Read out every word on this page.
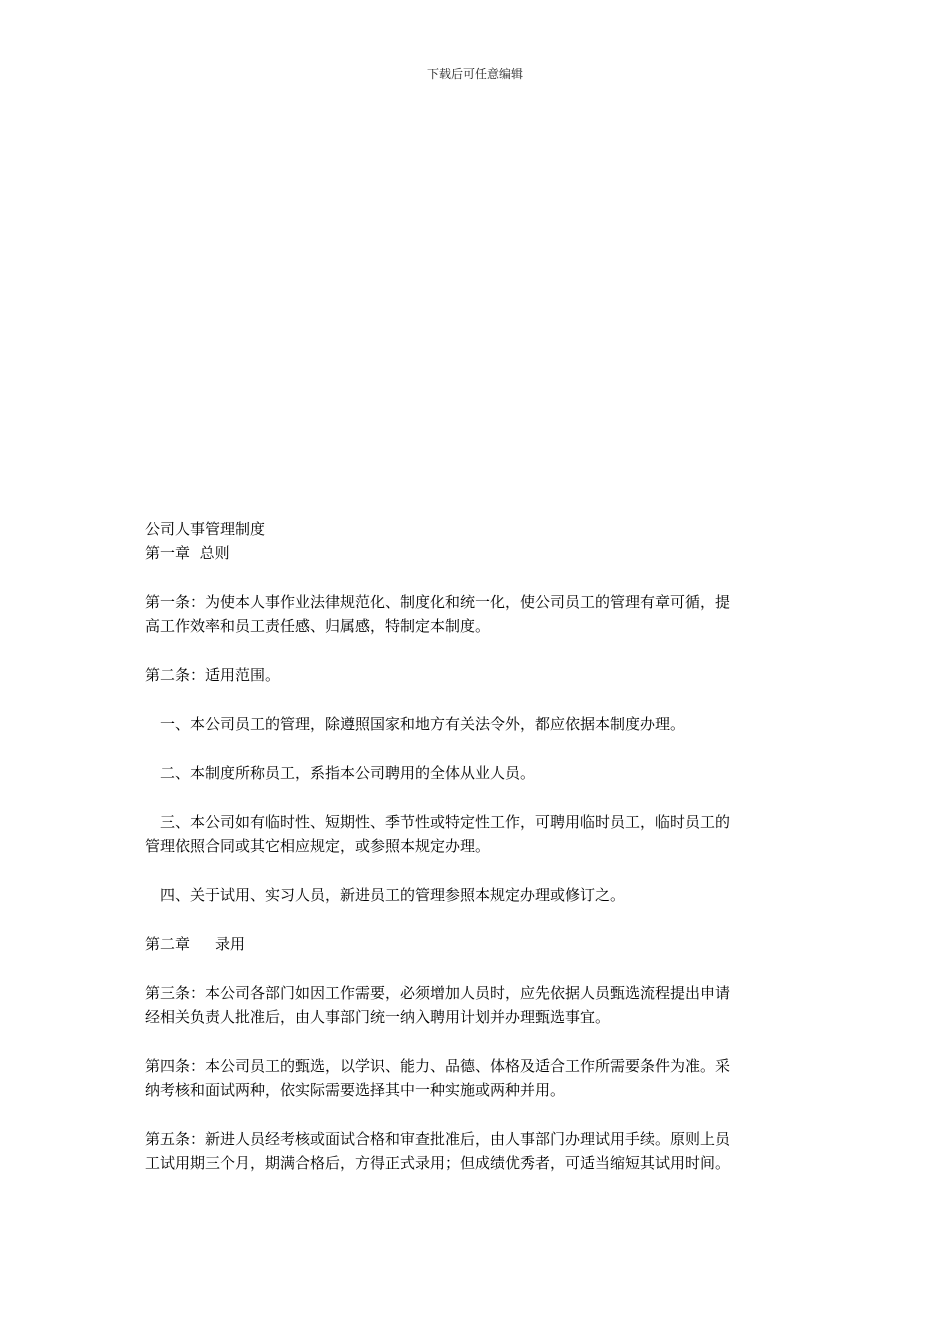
下载后可任意编辑

公司人事管理制度

第一章 总则

第一条：为使本人事作业法律规范化、制度化和统一化，使公司员工的管理有章可循，提

高工作效率和员工责任感、归属感，特制定本制度。

第二条：适用范围。

一、本公司员工的管理，除遵照国家和地方有关法令外，都应依据本制度办理。

二、本制度所称员工，系指本公司聘用的全体从业人员。

三、本公司如有临时性、短期性、季节性或特定性工作，可聘用临时员工，临时员工的

管理依照合同或其它相应规定，或参照本规定办理。

四、关于试用、实习人员，新进员工的管理参照本规定办理或修订之。

第二章 录用

第三条：本公司各部门如因工作需要，必须增加人员时，应先依据人员甄选流程提出申请

经相关负责人批准后，由人事部门统一纳入聘用计划并办理甄选事宜。

第四条：本公司员工的甄选，以学识、能力、品德、体格及适合工作所需要条件为准。采

纳考核和面试两种，依实际需要选择其中一种实施或两种并用。

第五条：新进人员经考核或面试合格和审查批准后，由人事部门办理试用手续。原则上员

工试用期三个月，期满合格后，方得正式录用；但成绩优秀者，可适当缩短其试用时间。
